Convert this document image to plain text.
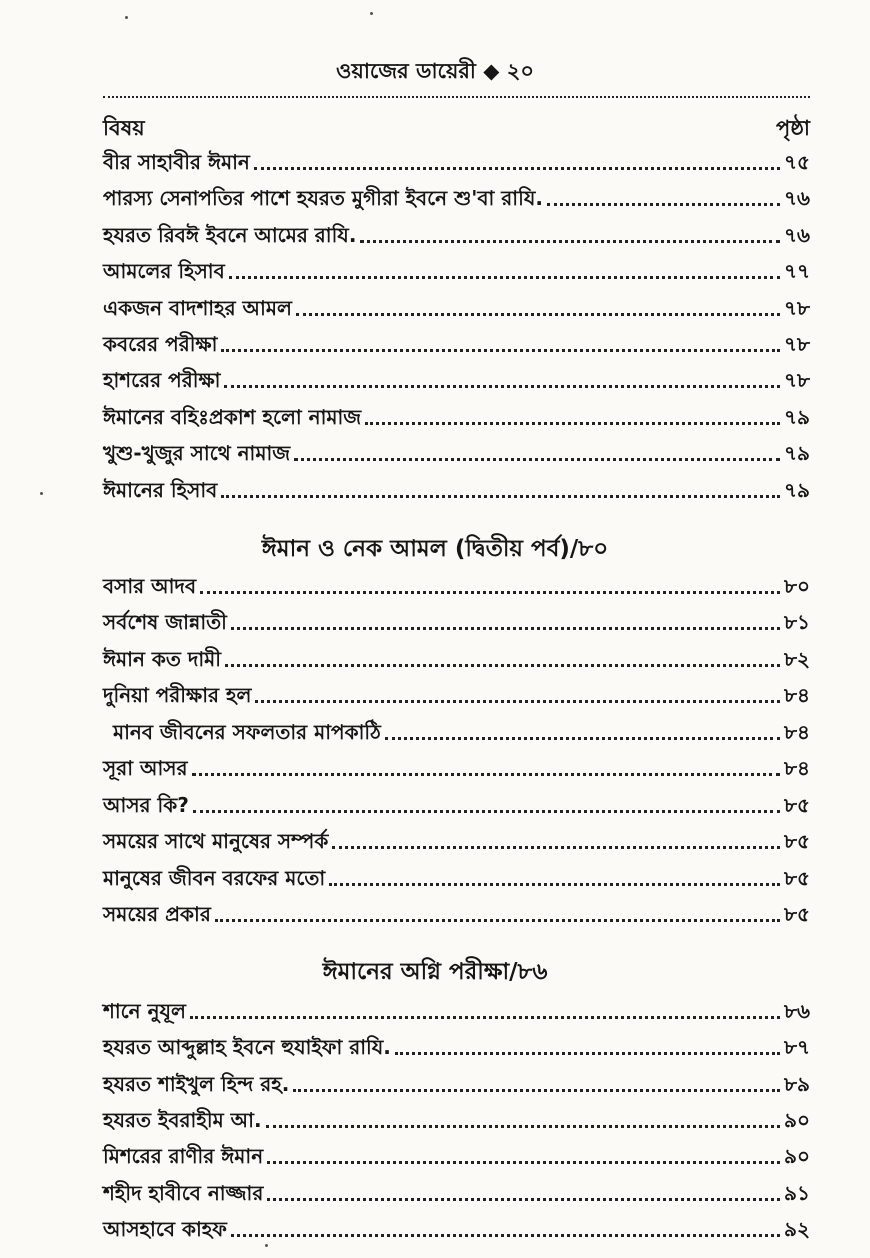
ওয়াজের ডায়েরী ◆ ২০
বিষয়	পৃষ্ঠা
বীর সাহাবীর ঈমান	৭৫
পারস্য সেনাপতির পাশে হযরত মুগীরা ইবনে শু'বা রাযি.	৭৬
হযরত রিবঈ ইবনে আমের রাযি.	৭৬
আমলের হিসাব	৭৭
একজন বাদশাহর আমল	৭৮
কবরের পরীক্ষা	৭৮
হাশরের পরীক্ষা	৭৮
ঈমানের বহিঃপ্রকাশ হলো নামাজ	৭৯
খুশু-খুজুর সাথে নামাজ	৭৯
ঈমানের হিসাব	৭৯
ঈমান ও নেক আমল (দ্বিতীয় পর্ব)/৮০
বসার আদব	৮০
সর্বশেষ জান্নাতী	৮১
ঈমান কত দামী	৮২
দুনিয়া পরীক্ষার হল	৮৪
মানব জীবনের সফলতার মাপকাঠি	৮৪
সূরা আসর	৮৪
আসর কি?	৮৫
সময়ের সাথে মানুষের সম্পর্ক	৮৫
মানুষের জীবন বরফের মতো	৮৫
সময়ের প্রকার	৮৫
ঈমানের অগ্নি পরীক্ষা/৮৬
শানে নুযূল	৮৬
হযরত আব্দুল্লাহ ইবনে হুযাইফা রাযি.	৮৭
হযরত শাইখুল হিন্দ রহ.	৮৯
হযরত ইবরাহীম আ.	৯০
মিশরের রাণীর ঈমান	৯০
শহীদ হাবীবে নাজ্জার	৯১
আসহাবে কাহফ	৯২
